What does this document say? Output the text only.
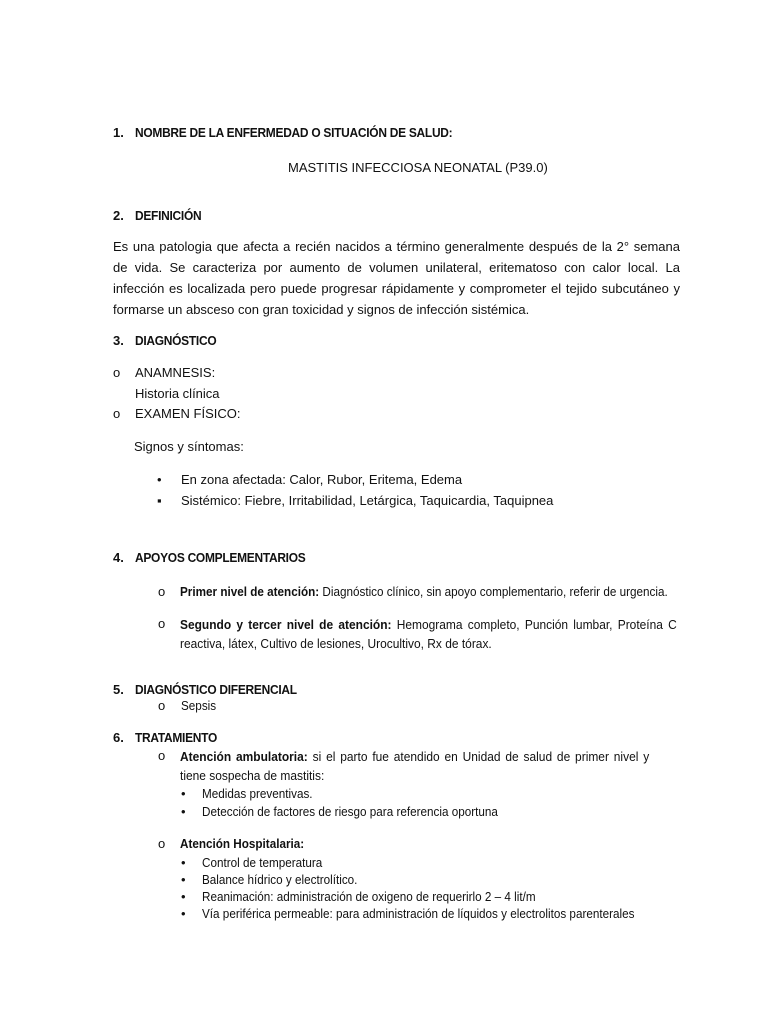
1. NOMBRE DE LA ENFERMEDAD O SITUACIÓN DE SALUD:
MASTITIS INFECCIOSA NEONATAL (P39.0)
2. DEFINICIÓN
Es una patologia que afecta a recién nacidos a término generalmente después de la 2° semana de vida. Se caracteriza por aumento de volumen unilateral, eritematoso con calor local. La infección es localizada pero puede progresar rápidamente y comprometer el tejido subcutáneo y formarse un absceso con gran toxicidad y signos de infección sistémica.
3. DIAGNÓSTICO
o ANAMNESIS:
Historia clínica
o EXAMEN FÍSICO:
Signos y síntomas:
• En zona afectada: Calor, Rubor, Eritema, Edema
▪ Sistémico: Fiebre, Irritabilidad, Letárgica, Taquicardia, Taquipnea
4. APOYOS COMPLEMENTARIOS
o Primer nivel de atención: Diagnóstico clínico, sin apoyo complementario, referir de urgencia.
o Segundo y tercer nivel de atención: Hemograma completo, Punción lumbar, Proteína C reactiva, látex, Cultivo de lesiones, Urocultivo, Rx de tórax.
5. DIAGNÓSTICO DIFERENCIAL
o Sepsis
6. TRATAMIENTO
o Atención ambulatoria: si el parto fue atendido en Unidad de salud de primer nivel y tiene sospecha de mastitis:
• Medidas preventivas.
• Detección de factores de riesgo para referencia oportuna
o Atención Hospitalaria:
• Control de temperatura
• Balance hídrico y electrolítico.
• Reanimación: administración de oxigeno de requerirlo 2 – 4 lit/m
• Vía periférica permeable: para administración de líquidos y electrolitos parenterales
